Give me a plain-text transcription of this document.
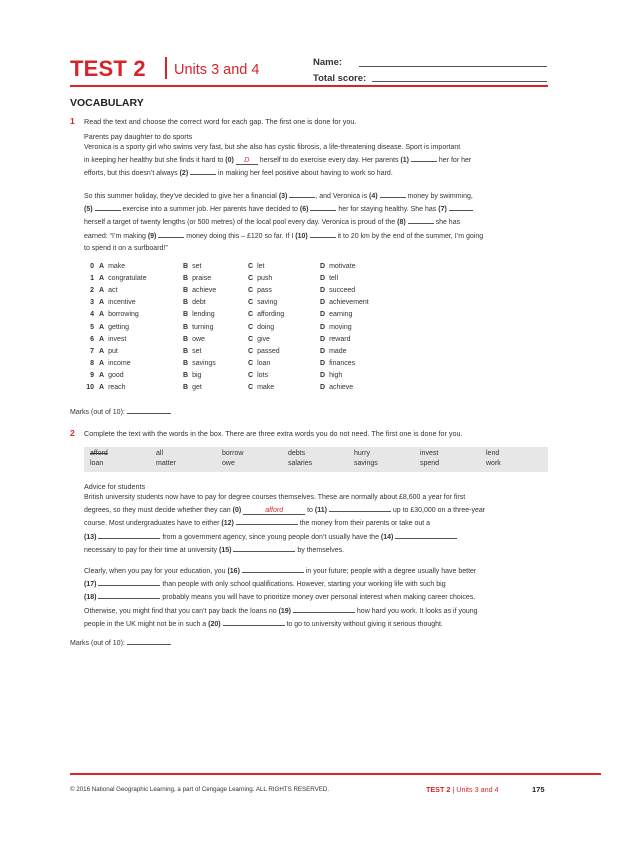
TEST 2 Units 3 and 4	Name:
Total score:
VOCABULARY
1 Read the text and choose the correct word for each gap. The first one is done for you.
Parents pay daughter to do sports
Veronica is a sporty girl who swims very fast, but she also has cystic fibrosis, a life-threatening disease. Sport is important
in keeping her healthy but she finds it hard to (0) D herself to do exercise every day. Her parents (1)	her for her
efforts, but this doesn’t always (2)	in making her feel positive about having to work so hard.
So this summer holiday, they’ve decided to give her a financial (3)	, and Veronica is (4)	money by swimming,
(5)	exercise into a summer job. Her parents have decided to (6)	her for staying healthy. She has (7)
herself a target of twenty lengths (or 500 metres) of the local pool every day. Veronica is proud of the (8)	she has
earned: “I’m making (9)	money doing this – £120 so far. If I (10)	it to 20 km by the end of the summer, I’m going
to spend it on a surfboard!”
0 A make	B set	C let	D motivate
1 A congratulate	B praise	C push	D tell
2 A act	B achieve	C pass	D succeed
3 A incentive	B debt	C saving	D achievement
4 A borrowing	B lending	C affording	D earning
5 A getting	B turning	C doing	D moving
6 A invest	B owe	C give	D reward
7 A put	B set	C passed	D made
8 A income	B savings	C loan	D finances
9 A good	B big	C lots	D high
10 A reach	B get	C make	D achieve
Marks (out of 10):
2 Complete the text with the words in the box. There are three extra words you do not need. The first one is done for you.
afford	all	borrow	debts	hurry	invest	lend
loan	matter	owe	salaries	savings	spend	work
Advice for students
British university students now have to pay for degree courses themselves. These are normally about £8,600 a year for first
degrees, so they must decide whether they can (0)	afford	to (11)	up to £30,000 on a three-year
course. Most undergraduates have to either (12)	the money from their parents or take out a
(13)	from a government agency, since young people don’t usually have the (14)
necessary to pay for their time at university (15)	by themselves.
Clearly, when you pay for your education, you (16)	in your future; people with a degree usually have better
(17)	than people with only school qualifications. However, starting your working life with such big
(18)	probably means you will have to prioritize money over personal interest when making career choices.
Otherwise, you might find that you can’t pay back the loans no (19)	how hard you work. It looks as if young
people in the UK might not be in such a (20)	to go to university without giving it serious thought.
Marks (out of 10):
© 2016 National Geographic Learning, a part of Cengage Learning. ALL RIGHTS RESERVED.	TEST 2 | Units 3 and 4	175
